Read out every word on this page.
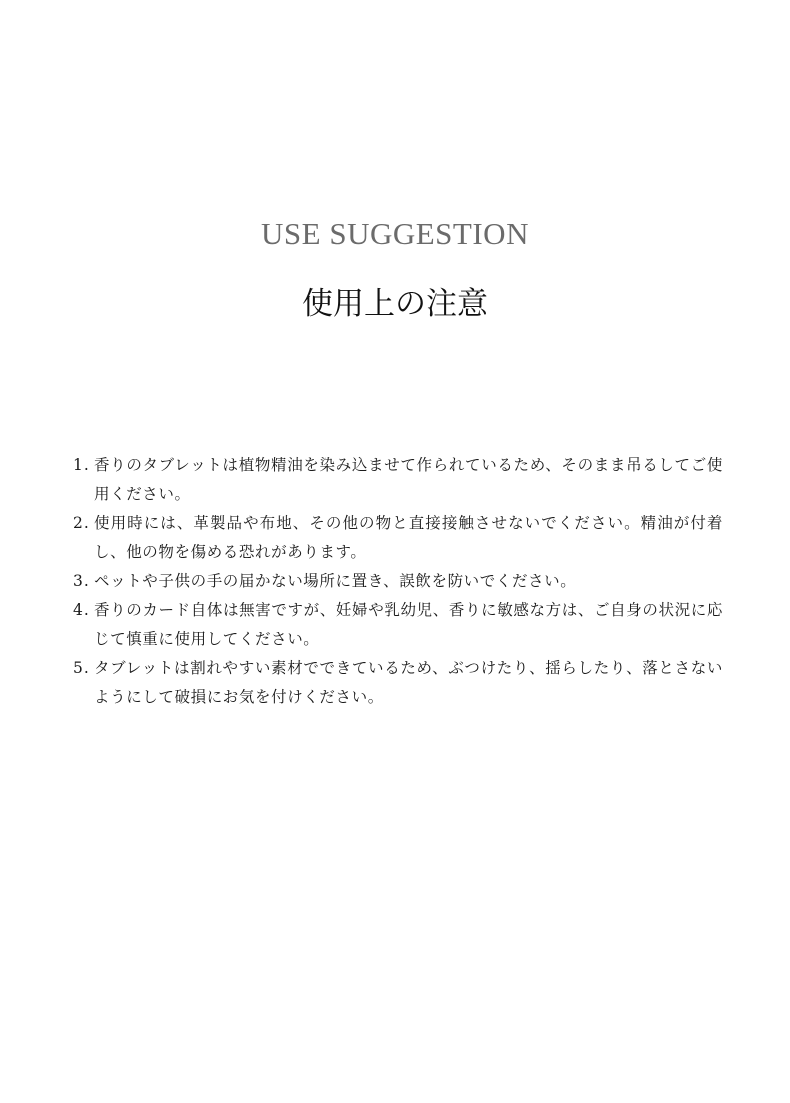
USE SUGGESTION
使用上の注意
1. 香りのタブレットは植物精油を染み込ませて作られているため、そのまま吊るしてご使用ください。
2. 使用時には、革製品や布地、その他の物と直接接触させないでください。精油が付着し、他の物を傷める恐れがあります。
3. ペットや子供の手の届かない場所に置き、誤飲を防いでください。
4. 香りのカード自体は無害ですが、妊婦や乳幼児、香りに敏感な方は、ご自身の状況に応じて慎重に使用してください。
5. タブレットは割れやすい素材でできているため、ぶつけたり、揺らしたり、落とさないようにして破損にお気を付けください。
